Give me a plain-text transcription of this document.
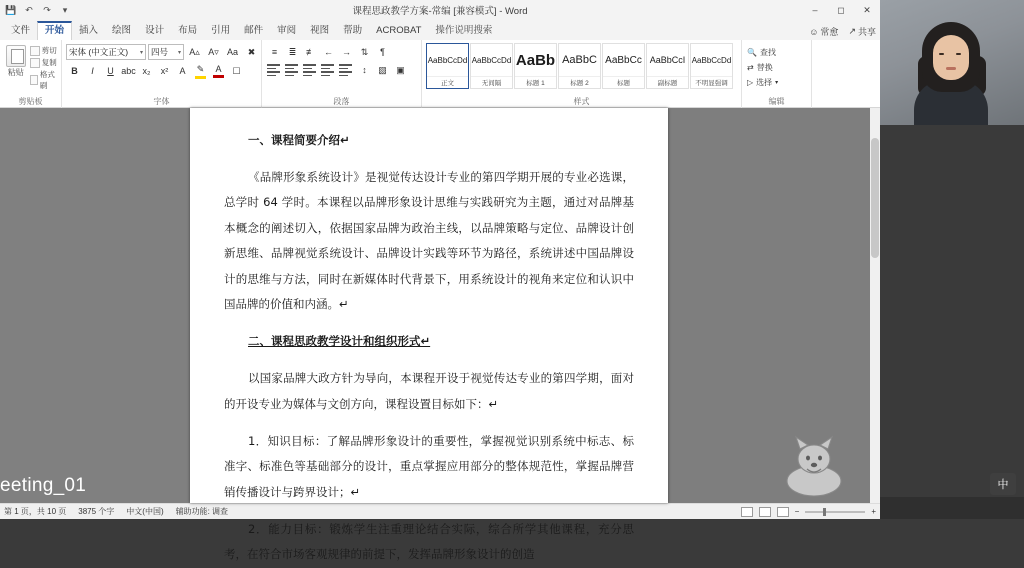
💾 ↶ ↷	▾	课程思政教学方案-常编 [兼容模式] - Word	–	◻	✕
文件	开始	插入	绘图	设计	布局	引用	邮件	审阅	视图	帮助	ACROBAT	操作说明搜索	☺ 常愈 ↗ 共享
粘贴
剪切
复制
格式刷
剪贴板
宋体 (中文正文) ▾ 四号 ▾ A▵ A▿ Aa	✖
B	I	U abc x₂	x²	A	✎ A	☐
字体
≡	≣	≢	←	→	⇅	¶
↕	▧	▣
段落
AaBbCcDd
正文
AaBbCcDd
无间隔
AaBb
标题 1
AaBbC
标题 2
AaBbCc
标题
AaBbCcI
副标题
AaBbCcDd
不明显强调
样式
🔍 查找
⇄ 替换
▷ 选择 ▾
编辑

一、课程简要介绍↵

《品牌形象系统设计》是视觉传达设计专业的第四学期开展的专业必选课，总学时 64 学时。本课程以品牌形象设计思维与实践研究为主题，通过对品牌基本概念的阐述切入，依据国家品牌为政治主线，以品牌策略与定位、品牌设计创新思维、品牌视觉系统设计、品牌设计实践等环节为路径，系统讲述中国品牌设计的思维与方法，同时在新媒体时代背景下，用系统设计的视角来定位和认识中国品牌的价值和内涵。↵

二、课程思政教学设计和组织形式↵

以国家品牌大政方针为导向，本课程开设于视觉传达专业的第四学期，面对的开设专业为媒体与文创方向，课程设置目标如下：↵

1．知识目标：了解品牌形象设计的重要性，掌握视觉识别系统中标志、标准字、标准色等基础部分的设计，重点掌握应用部分的整体规范性，掌握品牌营销传播设计与跨界设计；↵

2．能力目标：锻炼学生注重理论结合实际，综合所学其他课程，充分思考，在符合市场客观规律的前提下，发挥品牌形象设计的创造

第 1 页，共 10 页 3875 个字 中文(中国) 辅助功能: 调查	−	+
eeting_01	中
